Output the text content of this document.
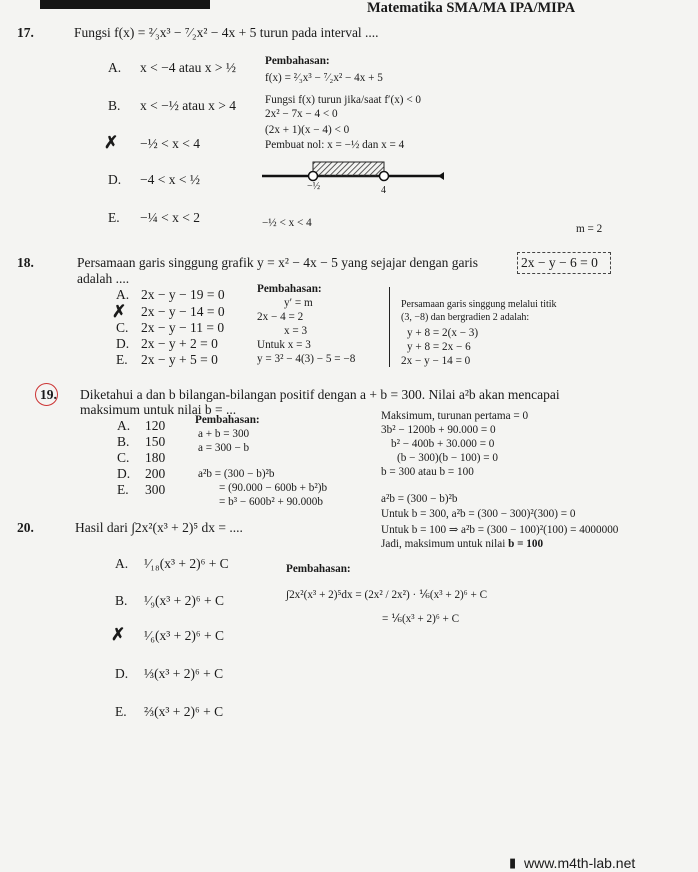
Matematika SMA/MA IPA/MIPA
17.	Fungsi f(x) = ²⁄₃x³ − ⁷⁄₂x² − 4x + 5 turun pada interval ....
A. x < −4 atau x > ½
B. x < −½ atau x > 4
✗ −½ < x < 4
D. −4 < x < ½
E. −¼ < x < 2
Pembahasan:
f(x) = ²⁄₃x³ − ⁷⁄₂x² − 4x + 5
Fungsi f(x) turun jika/saat f′(x) < 0
2x² − 7x − 4 < 0
(2x + 1)(x − 4) < 0
Pembuat nol: x = −½ dan x = 4
−½	4
−½ < x < 4	m = 2
18.	Persamaan garis singgung grafik y = x² − 4x − 5 yang sejajar dengan garis	2x − y − 6 = 0
adalah ....
A. 2x − y − 19 = 0
✗ 2x − y − 14 = 0
C. 2x − y − 11 = 0
D. 2x − y + 2 = 0
E. 2x − y + 5 = 0
Pembahasan:
y′ = m
2x − 4 = 2
x = 3
Untuk x = 3
y = 3² − 4(3) − 5 = −8
Persamaan garis singgung melalui titik
(3, −8) dan bergradien 2 adalah:
y + 8 = 2(x − 3)
y + 8 = 2x − 6
2x − y − 14 = 0
19. Diketahui a dan b bilangan-bilangan positif dengan a + b = 300. Nilai a²b akan mencapai
maksimum untuk nilai b = ...
A. 120
B. 150
C. 180
D. 200
E. 300
Pembahasan:
a + b = 300
a = 300 − b
a²b = (300 − b)²b
= (90.000 − 600b + b²)b
= b³ − 600b² + 90.000b
Maksimum, turunan pertama = 0
3b² − 1200b + 90.000 = 0
b² − 400b + 30.000 = 0
(b − 300)(b − 100) = 0
b = 300 atau b = 100
a²b = (300 − b)²b
Untuk b = 300, a²b = (300 − 300)²(300) = 0
Untuk b = 100 ⇒ a²b = (300 − 100)²(100) = 4000000
Jadi, maksimum untuk nilai b = 100
20.	Hasil dari ∫2x²(x³ + 2)⁵ dx = ....
A. ¹⁄₁₈(x³ + 2)⁶ + C
B. ¹⁄₉(x³ + 2)⁶ + C
✗ ¹⁄₆(x³ + 2)⁶ + C
D. ⅓(x³ + 2)⁶ + C
E. ⅔(x³ + 2)⁶ + C
Pembahasan:
∫2x²(x³ + 2)⁵dx = (2x² / 2x²) · ⅙(x³ + 2)⁶ + C
= ⅙(x³ + 2)⁶ + C
▮ www.m4th-lab.net
